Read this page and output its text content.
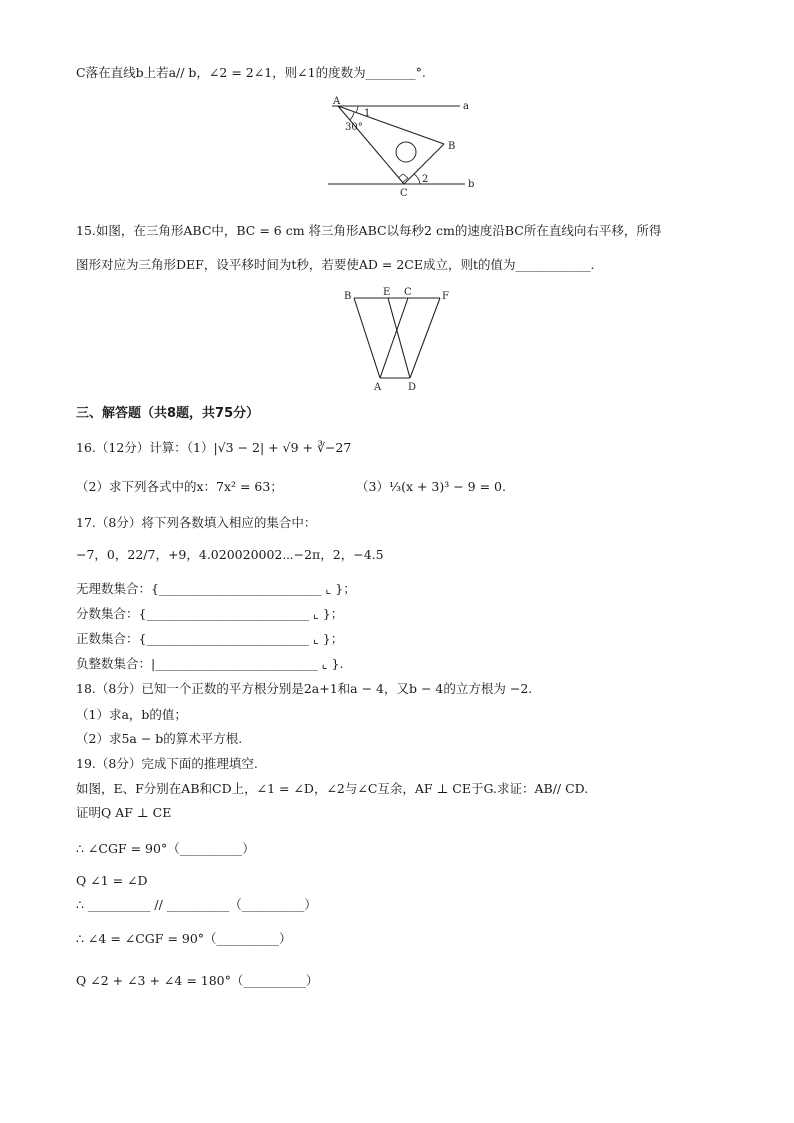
C落在直线b上若a// b，∠2 = 2∠1，则∠1的度数为________°.
A
1
30°
a
B
C
2	b
15.如图，在三角形ABC中，BC = 6 cm 将三角形ABC以每秒2 cm的速度沿BC所在直线向右平移，所得
图形对应为三角形DEF，设平移时间为t秒，若要使AD = 2CE成立，则t的值为____________.
B	E C	F
A	D
三、解答题（共8题，共75分）
16.（12分）计算：（1）|√3 − 2| + √9 + ∛−27
（2）求下列各式中的x：7x² = 63；	（3）⅓(x + 3)³ − 9 = 0.
17.（8分）将下列各数填入相应的集合中：
−7，0，22/7，+9，4.020020002⋯−2π，2，−4.5
无理数集合：{__________________________ ⌞ }；
分数集合：{__________________________ ⌞ }；
正数集合：{__________________________ ⌞ }；
负整数集合：|__________________________ ⌞ }.
18.（8分）已知一个正数的平方根分别是2a+1和a − 4，又b − 4的立方根为 −2.
（1）求a，b的值；
（2）求5a − b的算术平方根.
19.（8分）完成下面的推理填空.
如图，E、F分别在AB和CD上，∠1 = ∠D，∠2与∠C互余，AF ⊥ CE于G.求证：AB// CD.
证明Q AF ⊥ CE
∴ ∠CGF = 90°（__________）
Q ∠1 = ∠D
∴ __________ // __________（__________）
∴ ∠4 = ∠CGF = 90°（__________）
Q ∠2 + ∠3 + ∠4 = 180°（__________）
